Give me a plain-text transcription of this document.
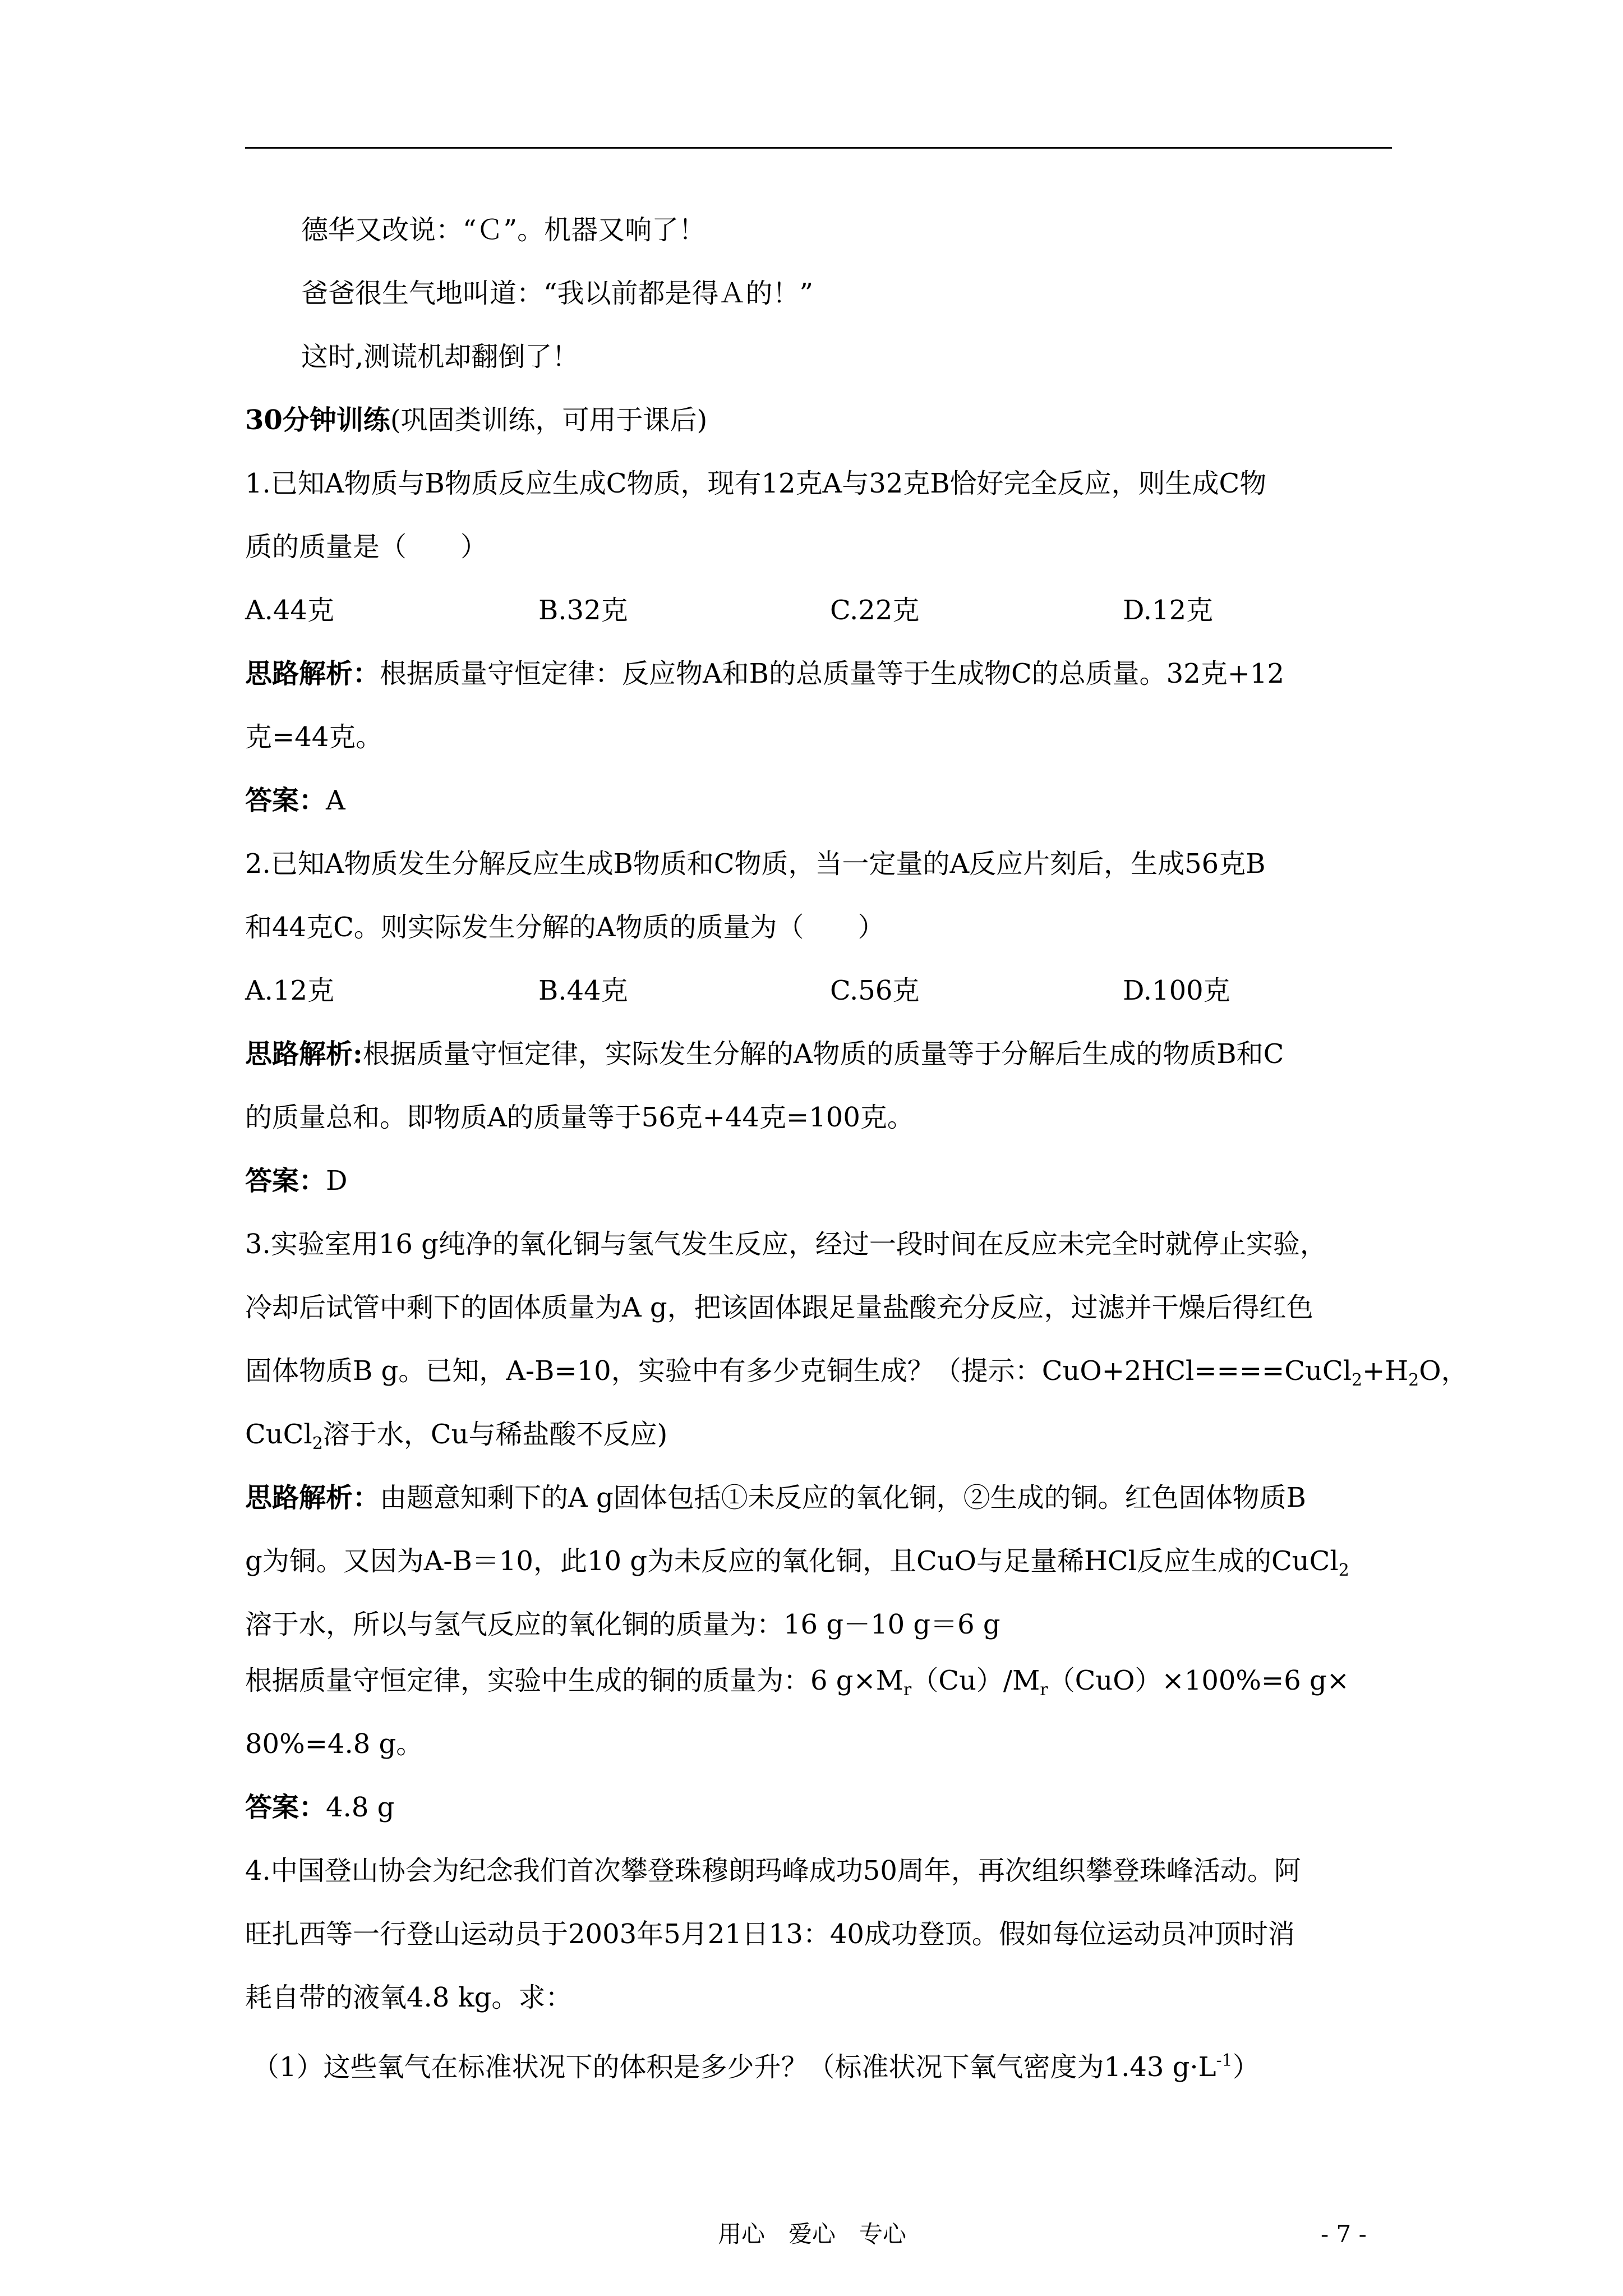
德华又改说：“Ｃ”。机器又响了！
爸爸很生气地叫道：“我以前都是得Ａ的！”
这时,测谎机却翻倒了！
30分钟训练(巩固类训练，可用于课后)
1.已知A物质与B物质反应生成C物质，现有12克A与32克B恰好完全反应，则生成C物
质的质量是（　　）
A.44克	B.32克	C.22克	D.12克
思路解析：根据质量守恒定律：反应物A和B的总质量等于生成物C的总质量。32克+12
克=44克。
答案：A
2.已知A物质发生分解反应生成B物质和C物质，当一定量的A反应片刻后，生成56克B
和44克C。则实际发生分解的A物质的质量为（　　）
A.12克	B.44克	C.56克	D.100克
思路解析:根据质量守恒定律，实际发生分解的A物质的质量等于分解后生成的物质B和C
的质量总和。即物质A的质量等于56克+44克=100克。
答案：D
3.实验室用16 g纯净的氧化铜与氢气发生反应，经过一段时间在反应未完全时就停止实验，
冷却后试管中剩下的固体质量为A g，把该固体跟足量盐酸充分反应，过滤并干燥后得红色
固体物质B g。已知，A-B=10，实验中有多少克铜生成？（提示：$CuO+2HCl====CuCl_2+H_2O$，
CuCl$_2$溶于水，Cu与稀盐酸不反应)
思路解析：由题意知剩下的A g固体包括①未反应的氧化铜，②生成的铜。红色固体物质B
g为铜。又因为A-B＝10，此10 g为未反应的氧化铜，且CuO与足量稀HCl反应生成的CuCl$_2$
溶于水，所以与氢气反应的氧化铜的质量为：16 g－10 g＝6 g
根据质量守恒定律，实验中生成的铜的质量为：6 $g\times M_r(Cu)/M_r(CuO)\times 100\%=6$ g×
80%=4.8 g。
答案：4.8 g
4.中国登山协会为纪念我们首次攀登珠穆朗玛峰成功50周年，再次组织攀登珠峰活动。阿
旺扎西等一行登山运动员于2003年5月21日13：40成功登顶。假如每位运动员冲顶时消
耗自带的液氧4.8 kg。求：
（1）这些氧气在标准状况下的体积是多少升？（标准状况下氧气密度为1.43 $g\cdot L^{-1}$）
用心　爱心　专心	- 7 -
